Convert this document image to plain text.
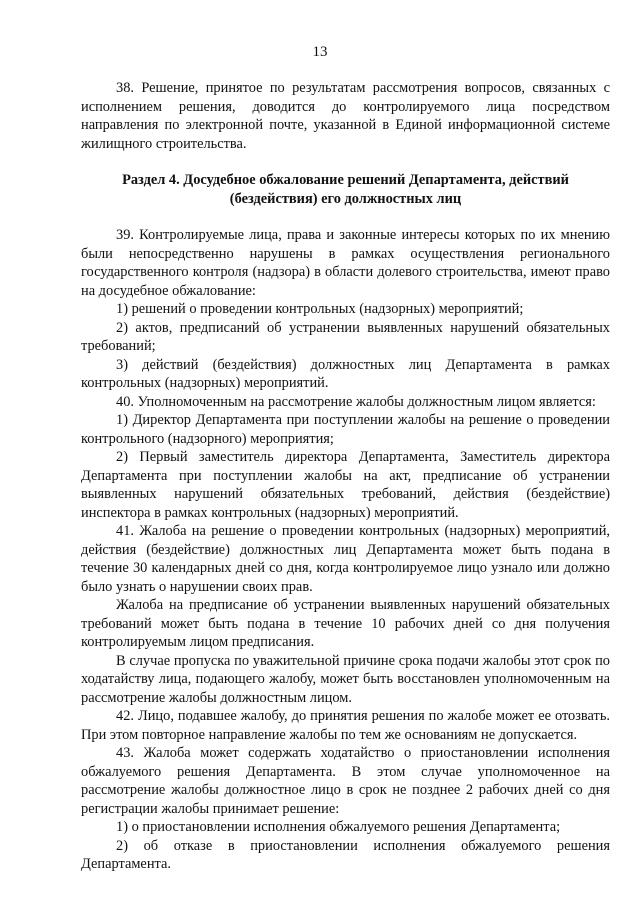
13

38. Решение, принятое по результатам рассмотрения вопросов, связанных с исполнением решения, доводится до контролируемого лица посредством направления по электронной почте, указанной в Единой информационной системе жилищного строительства.

Раздел 4. Досудебное обжалование решений Департамента, действий
(бездействия) его должностных лиц

39. Контролируемые лица, права и законные интересы которых по их мнению были непосредственно нарушены в рамках осуществления регионального государственного контроля (надзора) в области долевого строительства, имеют право на досудебное обжалование:

1) решений о проведении контрольных (надзорных) мероприятий;

2) актов, предписаний об устранении выявленных нарушений обязательных требований;

3) действий (бездействия) должностных лиц Департамента в рамках контрольных (надзорных) мероприятий.

40. Уполномоченным на рассмотрение жалобы должностным лицом является:

1) Директор Департамента при поступлении жалобы на решение о проведении контрольного (надзорного) мероприятия;

2) Первый заместитель директора Департамента, Заместитель директора Департамента при поступлении жалобы на акт, предписание об устранении выявленных нарушений обязательных требований, действия (бездействие) инспектора в рамках контрольных (надзорных) мероприятий.

41. Жалоба на решение о проведении контрольных (надзорных) мероприятий, действия (бездействие) должностных лиц Департамента может быть подана в течение 30 календарных дней со дня, когда контролируемое лицо узнало или должно было узнать о нарушении своих прав.

Жалоба на предписание об устранении выявленных нарушений обязательных требований может быть подана в течение 10 рабочих дней со дня получения контролируемым лицом предписания.

В случае пропуска по уважительной причине срока подачи жалобы этот срок по ходатайству лица, подающего жалобу, может быть восстановлен уполномоченным на рассмотрение жалобы должностным лицом.

42. Лицо, подавшее жалобу, до принятия решения по жалобе может ее отозвать. При этом повторное направление жалобы по тем же основаниям не допускается.

43. Жалоба может содержать ходатайство о приостановлении исполнения обжалуемого решения Департамента. В этом случае уполномоченное на рассмотрение жалобы должностное лицо в срок не позднее 2 рабочих дней со дня регистрации жалобы принимает решение:

1) о приостановлении исполнения обжалуемого решения Департамента;

2) об отказе в приостановлении исполнения обжалуемого решения Департамента.
